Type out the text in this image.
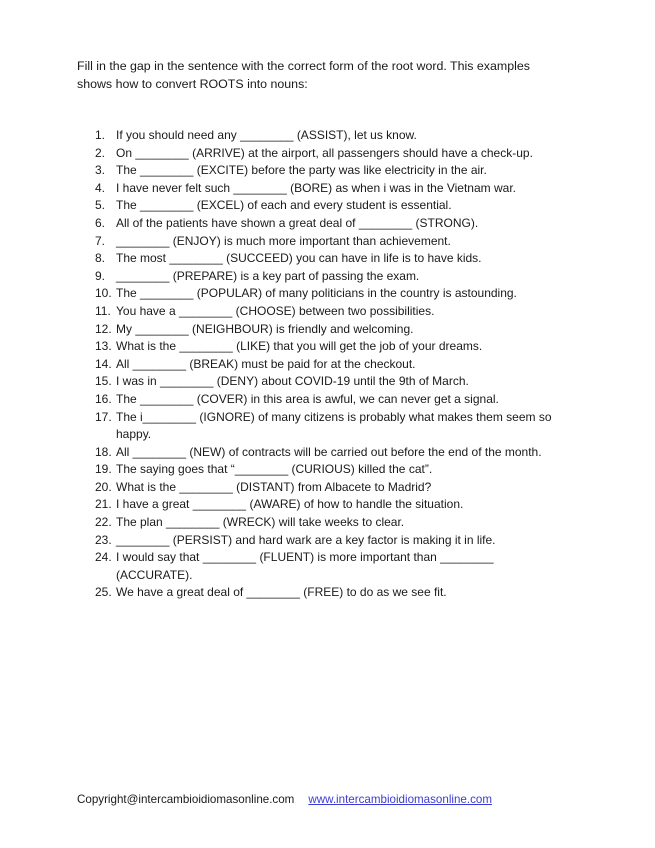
Fill in the gap in the sentence with the correct form of the root word. This examples shows how to convert ROOTS into nouns:
1. If you should need any ________ (ASSIST), let us know.
2. On ________ (ARRIVE) at the airport, all passengers should have a check-up.
3. The ________ (EXCITE) before the party was like electricity in the air.
4. I have never felt such ________ (BORE) as when i was in the Vietnam war.
5. The ________ (EXCEL) of each and every student is essential.
6. All of the patients have shown a great deal of ________ (STRONG).
7. ________ (ENJOY) is much more important than achievement.
8. The most ________ (SUCCEED) you can have in life is to have kids.
9. ________ (PREPARE) is a key part of passing the exam.
10. The ________ (POPULAR) of many politicians in the country is astounding.
11. You have a ________ (CHOOSE) between two possibilities.
12. My ________ (NEIGHBOUR) is friendly and welcoming.
13. What is the ________ (LIKE) that you will get the job of your dreams.
14. All ________ (BREAK) must be paid for at the checkout.
15. I was in ________ (DENY) about COVID-19 until the 9th of March.
16. The ________ (COVER) in this area is awful, we can never get a signal.
17. The i________ (IGNORE) of many citizens is probably what makes them seem so happy.
18. All ________ (NEW) of contracts will be carried out before the end of the month.
19. The saying goes that “________ (CURIOUS) killed the cat”.
20. What is the ________ (DISTANT) from Albacete to Madrid?
21. I have a great ________ (AWARE) of how to handle the situation.
22. The plan ________ (WRECK) will take weeks to clear.
23. ________ (PERSIST) and hard wark are a key factor is making it in life.
24. I would say that ________ (FLUENT) is more important than ________ (ACCURATE).
25. We have a great deal of ________ (FREE) to do as we see fit.
Copyright@intercambioidiomasonline.com www.intercambioidiomasonline.com
